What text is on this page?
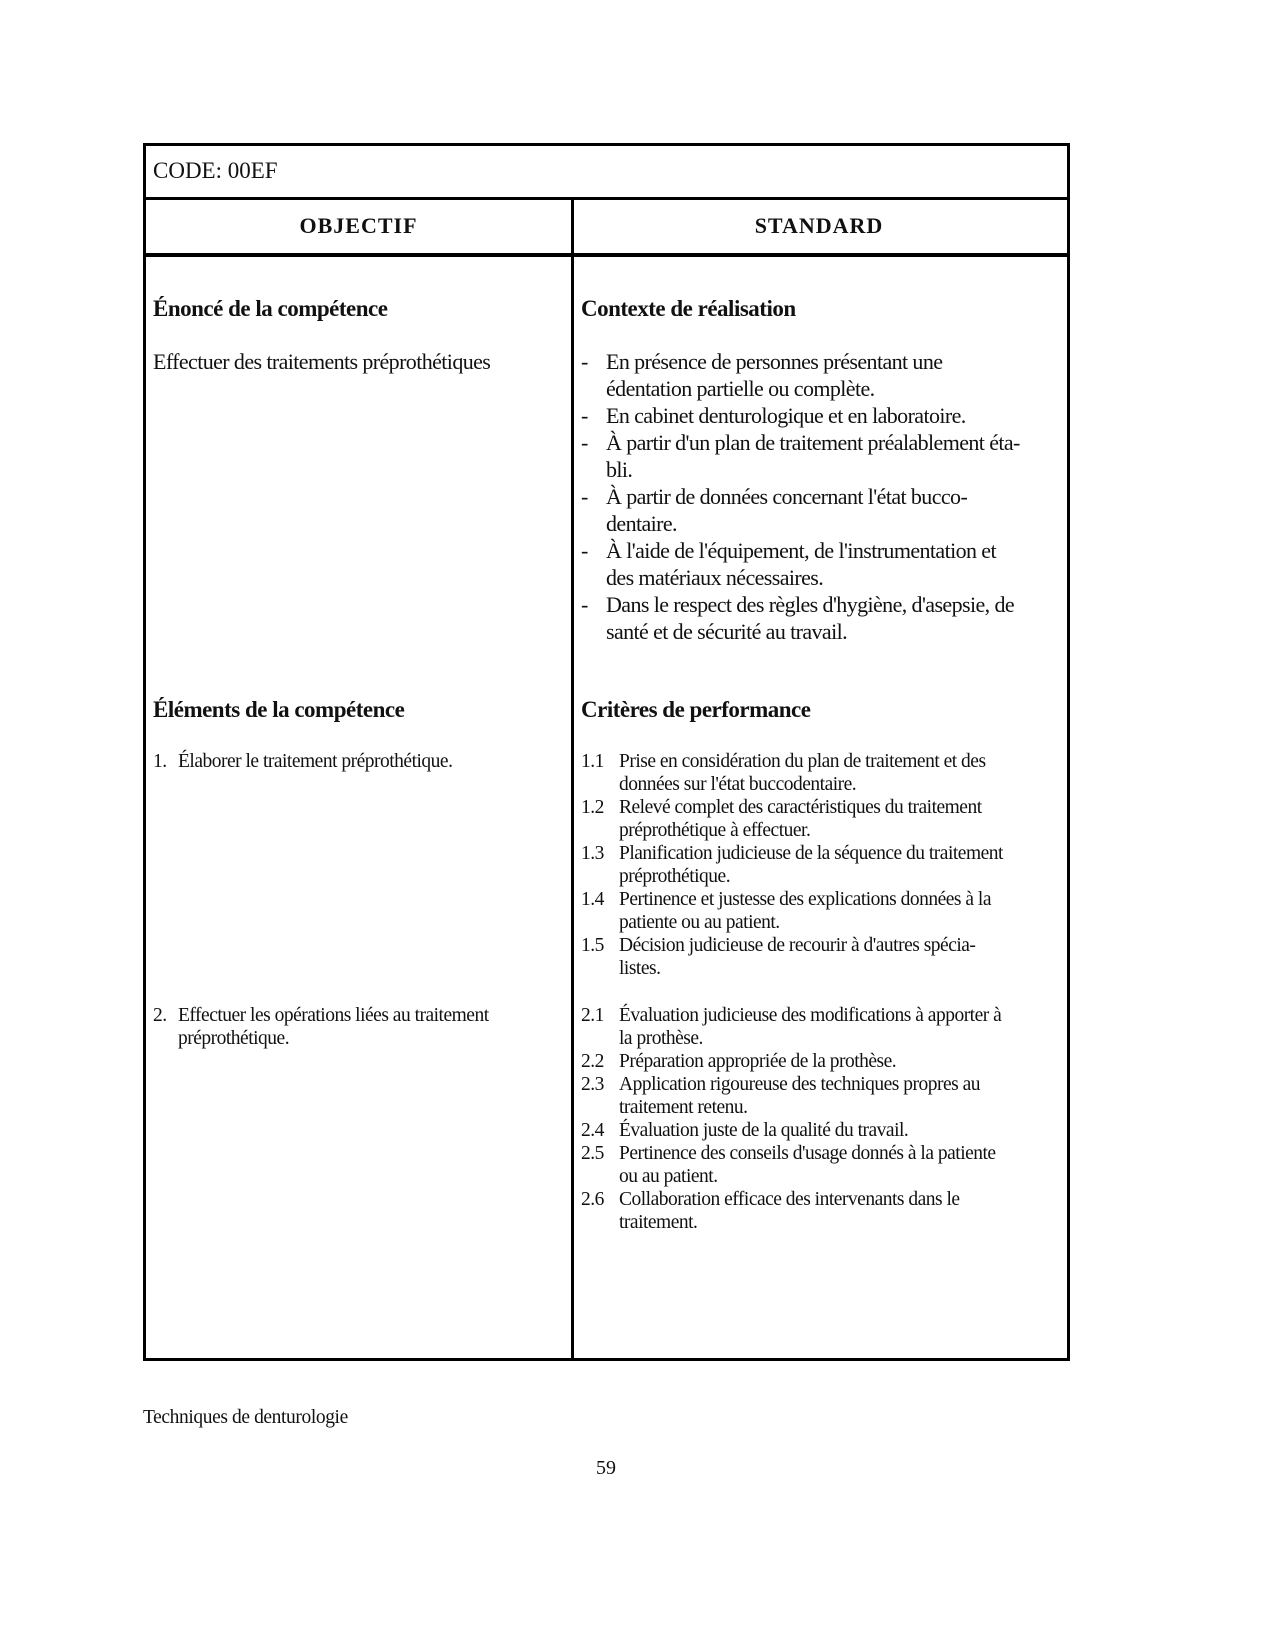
CODE: 00EF
OBJECTIF	STANDARD
Énoncé de la compétence
Effectuer des traitements préprothétiques
Contexte de réalisation
- En présence de personnes présentant une
édentation partielle ou complète.
- En cabinet denturologique et en laboratoire.
- À partir d'un plan de traitement préalablement éta-
bli.
- À partir de données concernant l'état bucco-
dentaire.
- À l'aide de l'équipement, de l'instrumentation et
des matériaux nécessaires.
- Dans le respect des règles d'hygiène, d'asepsie, de
santé et de sécurité au travail.
Éléments de la compétence
1. Élaborer le traitement préprothétique.
2. Effectuer les opérations liées au traitement
préprothétique.
Critères de performance
1.1 Prise en considération du plan de traitement et des
données sur l'état buccodentaire.
1.2 Relevé complet des caractéristiques du traitement
préprothétique à effectuer.
1.3 Planification judicieuse de la séquence du traitement
préprothétique.
1.4 Pertinence et justesse des explications données à la
patiente ou au patient.
1.5 Décision judicieuse de recourir à d'autres spécia-
listes.
2.1 Évaluation judicieuse des modifications à apporter à
la prothèse.
2.2 Préparation appropriée de la prothèse.
2.3 Application rigoureuse des techniques propres au
traitement retenu.
2.4 Évaluation juste de la qualité du travail.
2.5 Pertinence des conseils d'usage donnés à la patiente
ou au patient.
2.6 Collaboration efficace des intervenants dans le
traitement.
Techniques de denturologie
59
